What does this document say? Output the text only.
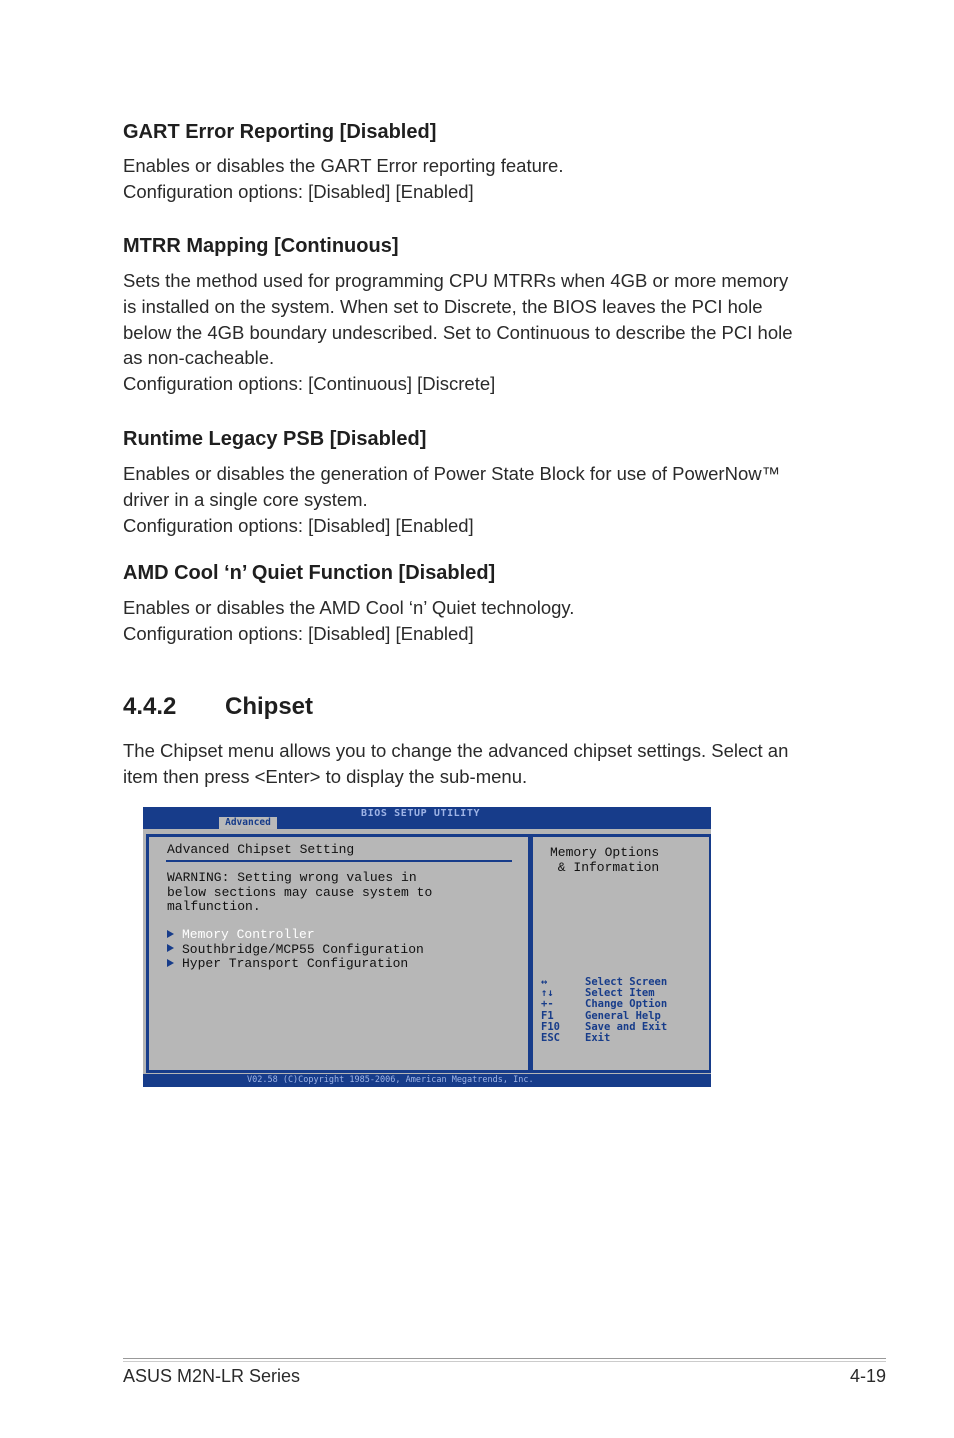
GART Error Reporting [Disabled]
Enables or disables the GART Error reporting feature.
Configuration options: [Disabled] [Enabled]
MTRR Mapping [Continuous]
Sets the method used for programming CPU MTRRs when 4GB or more memory
is installed on the system. When set to Discrete, the BIOS leaves the PCI hole
below the 4GB boundary undescribed. Set to Continuous to describe the PCI hole
as non-cacheable.
Configuration options: [Continuous] [Discrete]
Runtime Legacy PSB [Disabled]
Enables or disables the generation of Power State Block for use of PowerNow™
driver in a single core system.
Configuration options: [Disabled] [Enabled]
AMD Cool ‘n’ Quiet Function [Disabled]
Enables or disables the AMD Cool ‘n’ Quiet technology.
Configuration options: [Disabled] [Enabled]
4.4.2 Chipset
The Chipset menu allows you to change the advanced chipset settings. Select an
item then press <Enter> to display the sub-menu.
BIOS SETUP UTILITY
Advanced
Advanced Chipset Setting
WARNING: Setting wrong values in
below sections may cause system to
malfunction.
Memory Controller
Southbridge/MCP55 Configuration
Hyper Transport Configuration
Memory Options
& Information
↔	Select Screen
↑↓	Select Item
+-	Change Option
F1	General Help
F10 Save and Exit
ESC Exit
V02.58 (C)Copyright 1985-2006, American Megatrends, Inc.
ASUS M2N-LR Series	4-19
